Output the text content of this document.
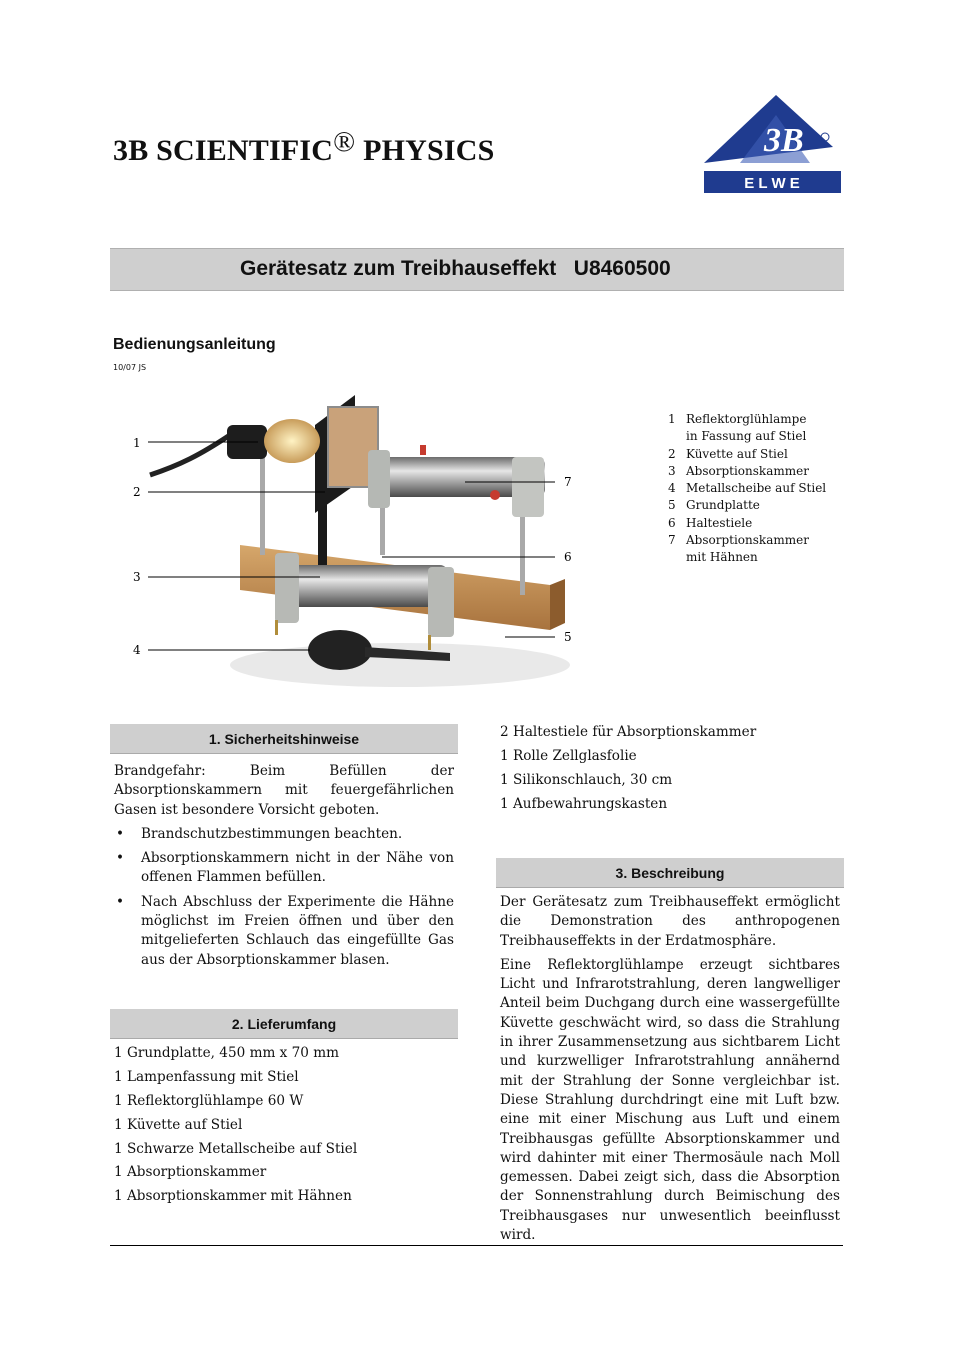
3B SCIENTIFIC® PHYSICS	3B
E L W E
Gerätesatz zum Treibhauseffekt   U8460500
Bedienungsanleitung
10/07 JS
1
2
3
4
5
6
7
1 Reflektorglühlampe
in Fassung auf Stiel
2 Küvette auf Stiel
3 Absorptionskammer
4 Metallscheibe auf Stiel
5 Grundplatte
6 Haltestiele
7 Absorptionskammer
mit Hähnen
1. Sicherheitshinweise

Brandgefahr: Beim Befüllen der Absorptionskammern mit feuergefährlichen Gasen ist besondere Vorsicht geboten.

• Brandschutzbestimmungen beachten.
• Absorptionskammern nicht in der Nähe von offenen Flammen befüllen.
• Nach Abschluss der Experimente die Hähne möglichst im Freien öffnen und über den mitgelieferten Schlauch das eingefüllte Gas aus der Absorptionskammer blasen.
2. Lieferumfang
1 Grundplatte, 450 mm x 70 mm
1 Lampenfassung mit Stiel
1 Reflektorglühlampe 60 W
1 Küvette auf Stiel
1 Schwarze Metallscheibe auf Stiel
1 Absorptionskammer
1 Absorptionskammer mit Hähnen
2 Haltestiele für Absorptionskammer
1 Rolle Zellglasfolie
1 Silikonschlauch, 30 cm
1 Aufbewahrungskasten
3. Beschreibung

Der Gerätesatz zum Treibhauseffekt ermöglicht die Demonstration des anthropogenen Treibhauseffekts in der Erdatmosphäre.

Eine Reflektorglühlampe erzeugt sichtbares Licht und Infrarotstrahlung, deren langwelliger Anteil beim Duchgang durch eine wassergefüllte Küvette geschwächt wird, so dass die Strahlung in ihrer Zusammensetzung aus sichtbarem Licht und kurzwelliger Infrarotstrahlung annähernd mit der Strahlung der Sonne vergleichbar ist. Diese Strahlung durchdringt eine mit Luft bzw. eine mit einer Mischung aus Luft und einem Treibhausgas gefüllte Absorptionskammer und wird dahinter mit einer Thermosäule nach Moll gemessen. Dabei zeigt sich, dass die Absorption der Sonnenstrahlung durch Beimischung des Treibhausgases nur unwesentlich beeinflusst wird.
